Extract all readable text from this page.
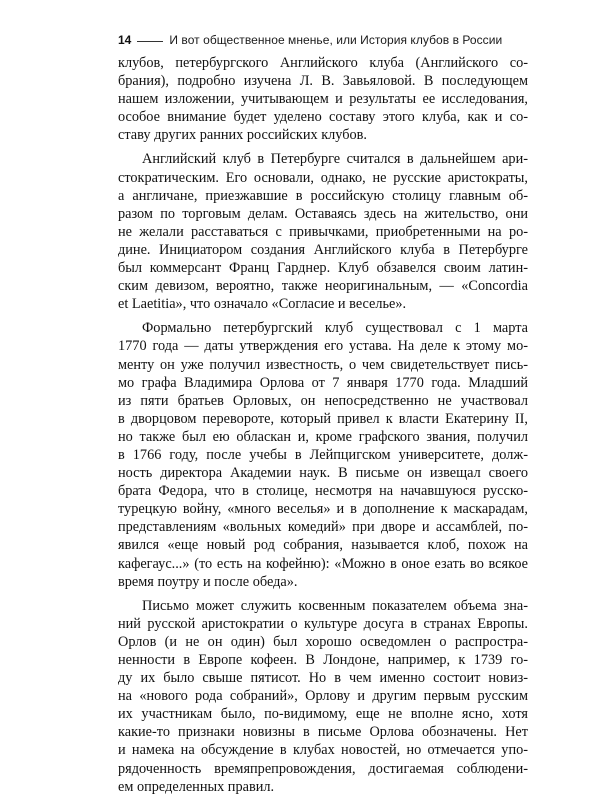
14	И вот общественное мненье, или История клубов в России
клубов, петербургского Английского клуба (Английского со-
брания), подробно изучена Л. В. Завьяловой. В последующем
нашем изложении, учитывающем и результаты ее исследования,
особое внимание будет уделено составу этого клуба, как и со-
ставу других ранних российских клубов.
Английский клуб в Петербурге считался в дальнейшем ари-
стократическим. Его основали, однако, не русские аристократы,
а англичане, приезжавшие в российскую столицу главным об-
разом по торговым делам. Оставаясь здесь на жительство, они
не желали расставаться с привычками, приобретенными на ро-
дине. Инициатором создания Английского клуба в Петербурге
был коммерсант Франц Гарднер. Клуб обзавелся своим латин-
ским девизом, вероятно, также неоригинальным, — «Concordia
et Laetitia», что означало «Согласие и веселье».
Формально петербургский клуб существовал с 1 марта
1770 года — даты утверждения его устава. На деле к этому мо-
менту он уже получил известность, о чем свидетельствует пись-
мо графа Владимира Орлова от 7 января 1770 года. Младший
из пяти братьев Орловых, он непосредственно не участвовал
в дворцовом перевороте, который привел к власти Екатерину II,
но также был ею обласкан и, кроме графского звания, получил
в 1766 году, после учебы в Лейпцигском университете, долж-
ность директора Академии наук. В письме он извещал своего
брата Федора, что в столице, несмотря на начавшуюся русско-
турецкую войну, «много веселья» и в дополнение к маскарадам,
представлениям «вольных комедий» при дворе и ассамблей, по-
явился «еще новый род собрания, называется клоб, похож на
кафегаус...» (то есть на кофейню): «Можно в оное езать во всякое
время поутру и после обеда».
Письмо может служить косвенным показателем объема зна-
ний русской аристократии о культуре досуга в странах Европы.
Орлов (и не он один) был хорошо осведомлен о распростра-
ненности в Европе кофеен. В Лондоне, например, к 1739 го-
ду их было свыше пятисот. Но в чем именно состоит новиз-
на «нового рода собраний», Орлову и другим первым русским
их участникам было, по-видимому, еще не вполне ясно, хотя
какие-то признаки новизны в письме Орлова обозначены. Нет
и намека на обсуждение в клубах новостей, но отмечается упо-
рядоченность времяпрепровождения, достигаемая соблюдени-
ем определенных правил.
